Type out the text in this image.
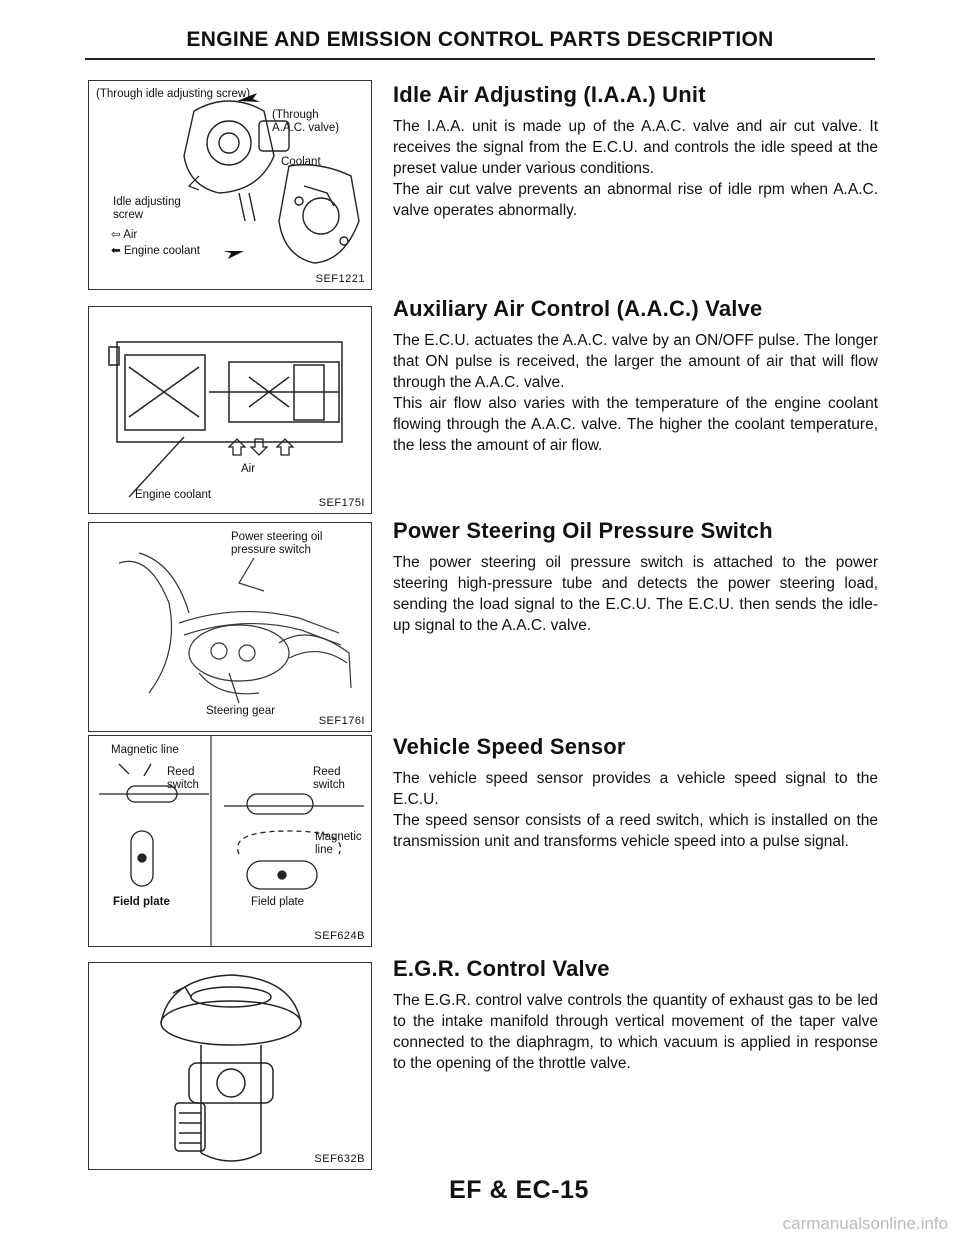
ENGINE AND EMISSION CONTROL PARTS DESCRIPTION
(Through idle adjusting screw)
(Through A.A.C. valve)
Coolant
Idle adjusting screw
⇦ Air
⬅ Engine coolant
SEF1221
Air
Engine coolant
SEF175I
Power steering oil pressure switch
Steering gear
SEF176I
Magnetic line
Reed switch
Field plate
Reed switch
Magnetic line
Field plate
SEF624B
SEF632B
Idle Air Adjusting (I.A.A.) Unit

The I.A.A. unit is made up of the A.A.C. valve and air cut valve. It receives the signal from the E.C.U. and controls the idle speed at the preset value under various conditions.

The air cut valve prevents an abnormal rise of idle rpm when A.A.C. valve operates abnormally.

Auxiliary Air Control (A.A.C.) Valve

The E.C.U. actuates the A.A.C. valve by an ON/OFF pulse. The longer that ON pulse is received, the larger the amount of air that will flow through the A.A.C. valve.

This air flow also varies with the temperature of the engine coolant flowing through the A.A.C. valve. The higher the coolant temperature, the less the amount of air flow.

Power Steering Oil Pressure Switch

The power steering oil pressure switch is attached to the power steering high-pressure tube and detects the power steering load, sending the load signal to the E.C.U. The E.C.U. then sends the idle-up signal to the A.A.C. valve.

Vehicle Speed Sensor

The vehicle speed sensor provides a vehicle speed signal to the E.C.U.

The speed sensor consists of a reed switch, which is installed on the transmission unit and transforms vehicle speed into a pulse signal.

E.G.R. Control Valve

The E.G.R. control valve controls the quantity of exhaust gas to be led to the intake manifold through vertical movement of the taper valve connected to the diaphragm, to which vacuum is applied in response to the opening of the throttle valve.

EF & EC-15
carmanualsonline.info
